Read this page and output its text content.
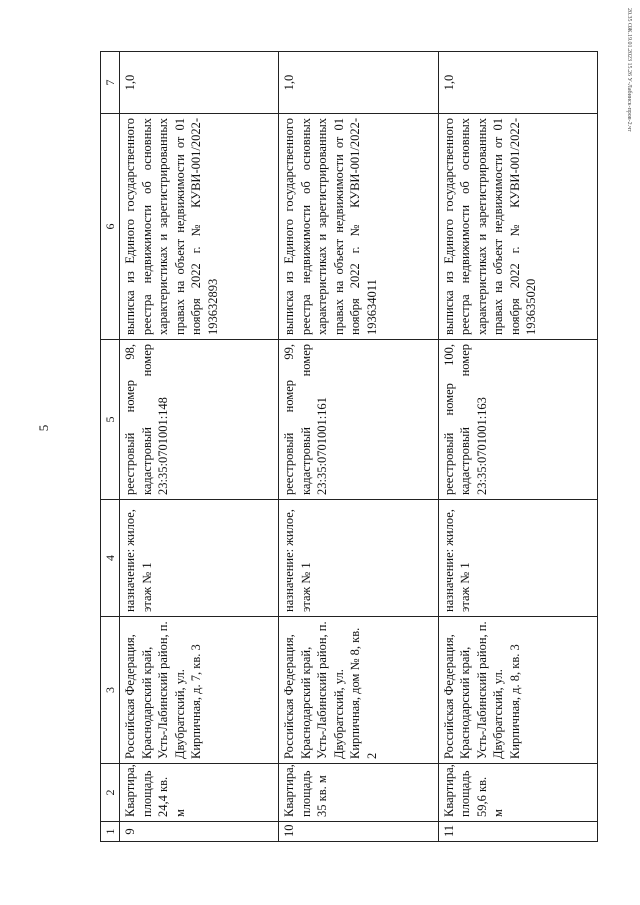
5
20.35 ОЖ.19.01.2023 15.26 У-Лабинск-пров-2.чт
1	2	3	4	5	6	7
9	Квартира, площадь 24,4 кв. м	Российская Федерация, Краснодарский край, Усть-Лабинский район, п. Двубратский, ул. Кирпичная, д. 7, кв. 3	назначение: жилое, этаж № 1	реестровый номер 98, кадастровый номер 23:35:0701001:148	выписка из Единого государственного реестра недвижимости об основных характеристиках и зарегистрированных правах на объект недвижимости от 01 ноября 2022 г. № КУВИ-001/2022-193632893	1,0
10	Квартира, площадь 35 кв. м	Российская Федерация, Краснодарский край, Усть-Лабинский район, п. Двубратский, ул. Кирпичная, дом № 8, кв. 2	назначение: жилое, этаж № 1	реестровый номер 99, кадастровый номер 23:35:0701001:161	выписка из Единого государственного реестра недвижимости об основных характеристиках и зарегистрированных правах на объект недвижимости от 01 ноября 2022 г. № КУВИ-001/2022-193634011	1,0
11	Квартира, площадь 59,6 кв. м	Российская Федерация, Краснодарский край, Усть-Лабинский район, п. Двубратский, ул. Кирпичная, д. 8, кв. 3	назначение: жилое, этаж № 1	реестровый номер 100, кадастровый номер 23:35:0701001:163	выписка из Единого государственного реестра недвижимости об основных характеристиках и зарегистрированных правах на объект недвижимости от 01 ноября 2022 г. № КУВИ-001/2022-193635020	1,0
